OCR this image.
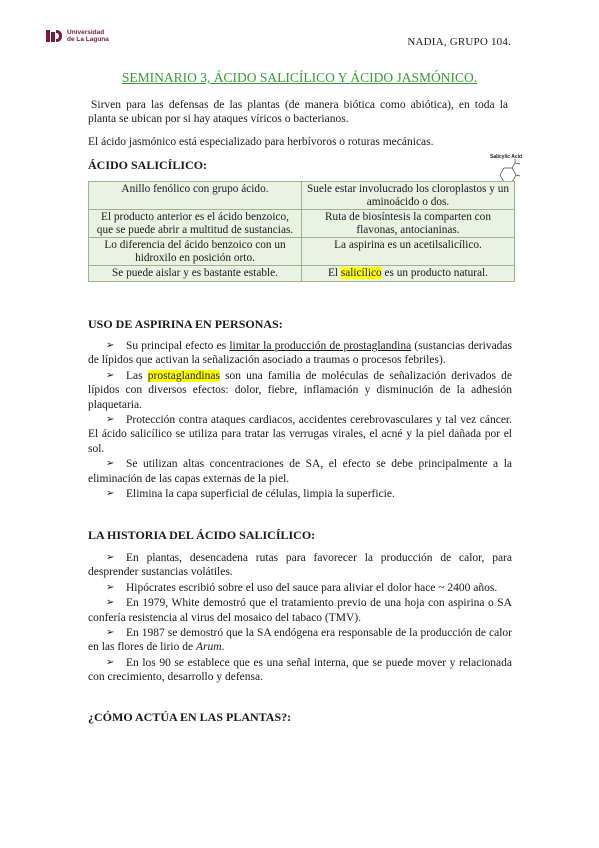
Universidad
de La Laguna	NADIA, GRUPO 104.
SEMINARIO 3, ÁCIDO SALICÍLICO Y ÁCIDO JASMÓNICO.
Sirven para las defensas de las plantas (de manera biótica como abiótica), en toda la planta se ubican por si hay ataques víricos o bacterianos.
El ácido jasmónico está especializado para herbívoros o roturas mecánicas.
ÁCIDO SALICÍLICO:
Salicylic Acid
Anillo fenólico con grupo ácido.	Suele estar involucrado los cloroplastos y un aminoácido o dos.
El producto anterior es el ácido benzoico, que se puede abrir a multitud de sustancias.	Ruta de biosíntesis la comparten con flavonas, antocianinas.
Lo diferencia del ácido benzoico con un hidroxilo en posición orto.	La aspirina es un acetilsalicílico.
Se puede aislar y es bastante estable.	El salicílico es un producto natural.
USO DE ASPIRINA EN PERSONAS:
➢ Su principal efecto es limitar la producción de prostaglandina (sustancias derivadas de lípidos que activan la señalización asociado a traumas o procesos febriles).
➢ Las prostaglandinas son una familia de moléculas de señalización derivados de lípidos con diversos efectos: dolor, fiebre, inflamación y disminución de la adhesión plaquetaria.
➢ Protección contra ataques cardiacos, accidentes cerebrovasculares y tal vez cáncer. El ácido salicílico se utiliza para tratar las verrugas virales, el acné y la piel dañada por el sol.
➢ Se utilizan altas concentraciones de SA, el efecto se debe principalmente a la eliminación de las capas externas de la piel.
➢ Elimina la capa superficial de células, limpia la superficie.
LA HISTORIA DEL ÁCIDO SALICÍLICO:
➢ En plantas, desencadena rutas para favorecer la producción de calor, para desprender sustancias volátiles.
➢ Hipócrates escribió sobre el uso del sauce para aliviar el dolor hace ~ 2400 años.
➢ En 1979, White demostró que el tratamiento previo de una hoja con aspirina o SA confería resistencia al virus del mosaico del tabaco (TMV).
➢ En 1987 se demostró que la SA endógena era responsable de la producción de calor en las flores de lirio de Arum.
➢ En los 90 se establece que es una señal interna, que se puede mover y relacionada con crecimiento, desarrollo y defensa.
¿CÓMO ACTÚA EN LAS PLANTAS?:
